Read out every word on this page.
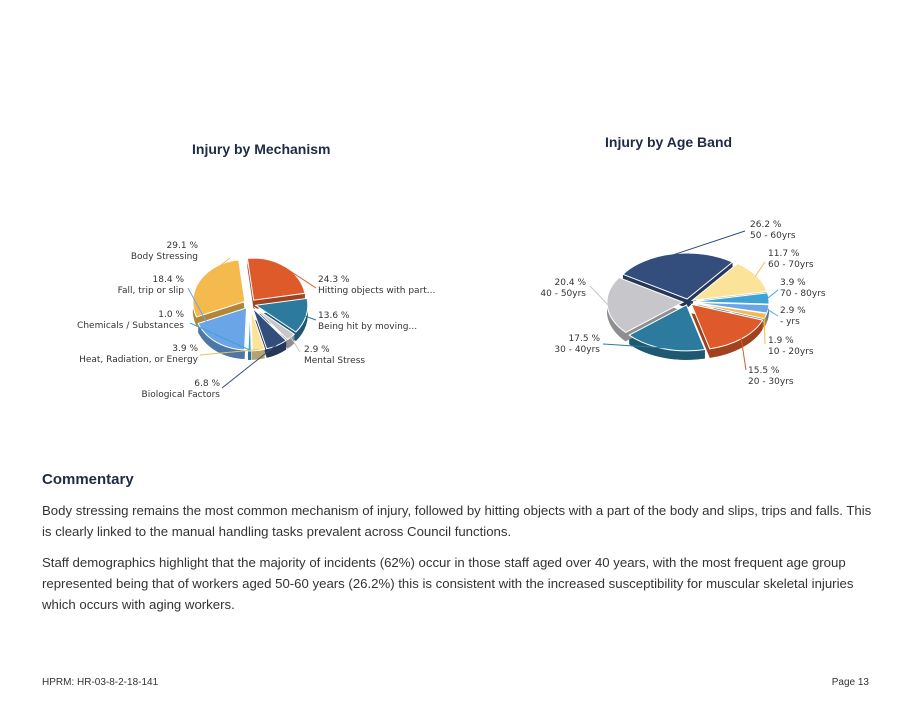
Injury by Mechanism	Injury by Age Band
29.1 %
Body Stressing
24.3 %
Hitting objects with part...
13.6 %
Being hit by moving...
2.9 %
Mental Stress
6.8 %
Biological Factors
3.9 %
Heat, Radiation, or Energy
1.0 %
Chemicals / Substances
18.4 %
Fall, trip or slip
26.2 %
50 - 60yrs
11.7 %
60 - 70yrs
3.9 %
70 - 80yrs
2.9 %
- yrs
1.9 %
10 - 20yrs
15.5 %
20 - 30yrs
17.5 %
30 - 40yrs
20.4 %
40 - 50yrs
Commentary

Body stressing remains the most common mechanism of injury, followed by hitting objects with a part of the body and slips, trips and falls. This is clearly linked to the manual handling tasks prevalent across Council functions.

Staff demographics highlight that the majority of incidents (62%) occur in those staff aged over 40 years, with the most frequent age group represented being that of workers aged 50-60 years (26.2%) this is consistent with the increased susceptibility for muscular skeletal injuries which occurs with aging workers.

HPRM: HR-03-8-2-18-141	Page 13
